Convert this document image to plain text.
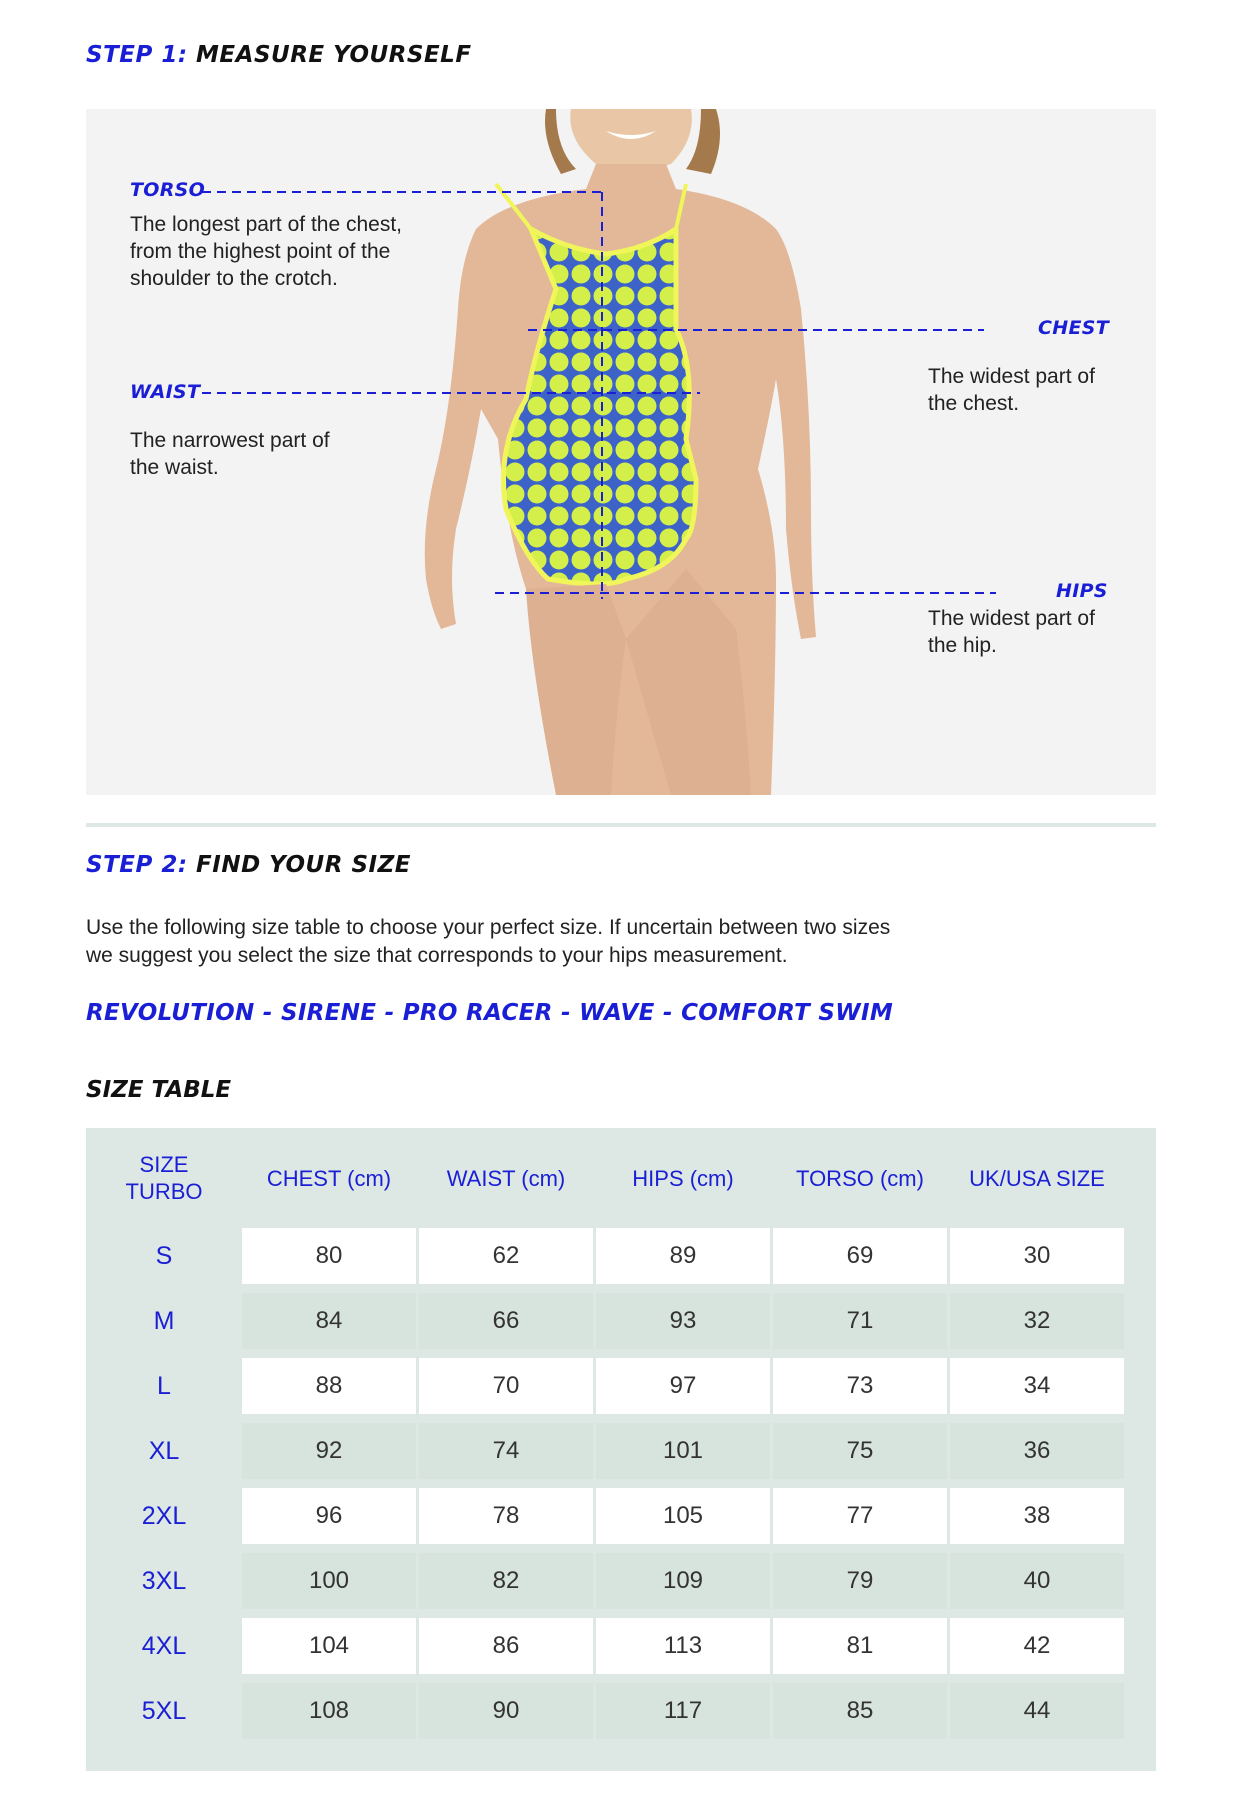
STEP 1: MEASURE YOURSELF
TORSO
The longest part of the chest,
from the highest point of the
shoulder to the crotch.
WAIST
The narrowest part of
the waist.
CHEST
The widest part of
the chest.
HIPS
The widest part of
the hip.
STEP 2: FIND YOUR SIZE
Use the following size table to choose your perfect size. If uncertain between two sizes
we suggest you select the size that corresponds to your hips measurement.
REVOLUTION - SIRENE - PRO RACER - WAVE - COMFORT SWIM
SIZE TABLE
SIZE
TURBO	CHEST (cm)	WAIST (cm)	HIPS (cm)	TORSO (cm)	UK/USA SIZE
S	80	62	89	69	30
M	84	66	93	71	32
L	88	70	97	73	34
XL	92	74	101	75	36
2XL	96	78	105	77	38
3XL	100	82	109	79	40
4XL	104	86	113	81	42
5XL	108	90	117	85	44
